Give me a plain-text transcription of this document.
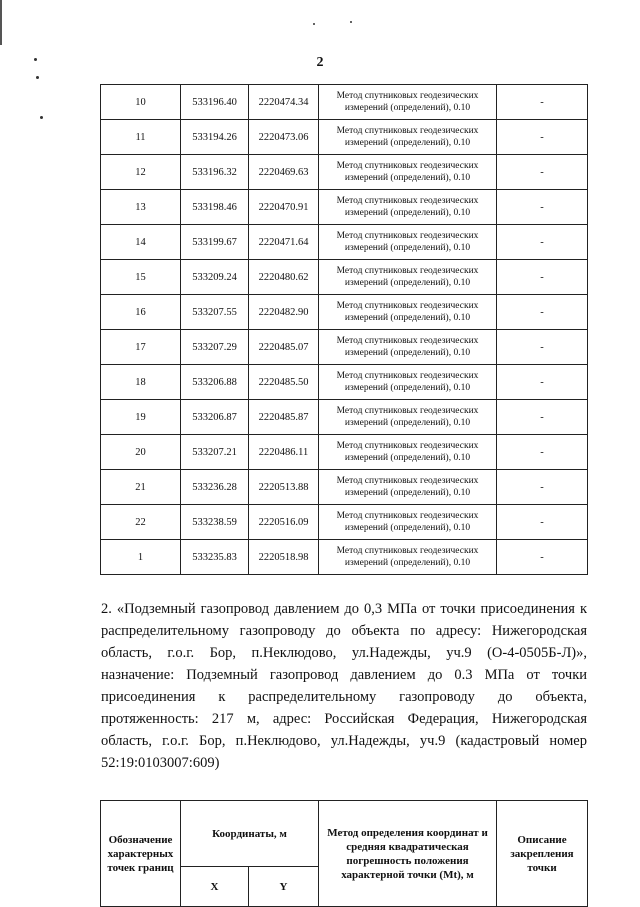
2
10	533196.40	2220474.34	Метод спутниковых геодезических измерений (определений), 0.10	-
11	533194.26	2220473.06	Метод спутниковых геодезических измерений (определений), 0.10	-
12	533196.32	2220469.63	Метод спутниковых геодезических измерений (определений), 0.10	-
13	533198.46	2220470.91	Метод спутниковых геодезических измерений (определений), 0.10	-
14	533199.67	2220471.64	Метод спутниковых геодезических измерений (определений), 0.10	-
15	533209.24	2220480.62	Метод спутниковых геодезических измерений (определений), 0.10	-
16	533207.55	2220482.90	Метод спутниковых геодезических измерений (определений), 0.10	-
17	533207.29	2220485.07	Метод спутниковых геодезических измерений (определений), 0.10	-
18	533206.88	2220485.50	Метод спутниковых геодезических измерений (определений), 0.10	-
19	533206.87	2220485.87	Метод спутниковых геодезических измерений (определений), 0.10	-
20	533207.21	2220486.11	Метод спутниковых геодезических измерений (определений), 0.10	-
21	533236.28	2220513.88	Метод спутниковых геодезических измерений (определений), 0.10	-
22	533238.59	2220516.09	Метод спутниковых геодезических измерений (определений), 0.10	-
1	533235.83	2220518.98	Метод спутниковых геодезических измерений (определений), 0.10	-
2. «Подземный газопровод давлением до 0,3 МПа от точки присоединения к
распределительному газопроводу до объекта по адресу: Нижегородская
область, г.о.г. Бор, п.Неклюдово, ул.Надежды, уч.9 (О-4-0505Б-Л)»,
назначение: Подземный газопровод давлением до 0.3 МПа от точки
присоединения к распределительному газопроводу до объекта,
протяженность: 217 м, адрес: Российская Федерация, Нижегородская
область, г.о.г. Бор, п.Неклюдово, ул.Надежды, уч.9 (кадастровый номер
52:19:0103007:609)
Обозначение характерных точек границ	Координаты, м		Метод определения координат и средняя квадратическая погрешность положения характерной точки (Mt), м	Описание закрепления точки
	X	Y		
